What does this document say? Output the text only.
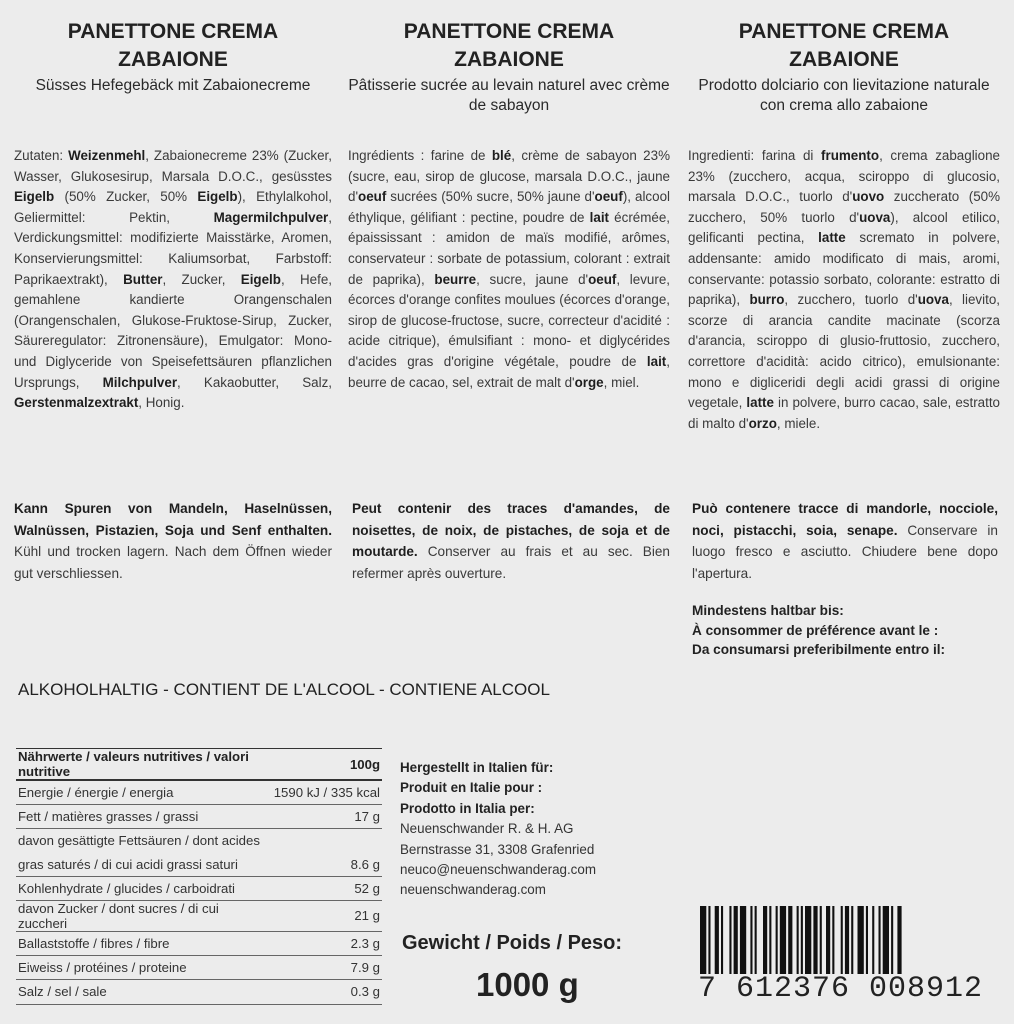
PANETTONE CREMA ZABAIONE
Süsses Hefegebäck mit Zabaionecreme
PANETTONE CREMA ZABAIONE
Pâtisserie sucrée au levain naturel avec crème de sabayon
PANETTONE CREMA ZABAIONE
Prodotto dolciario con lievitazione naturale con crema allo zabaione
Zutaten: Weizenmehl, Zabaionecreme 23% (Zucker, Wasser, Glukosesirup, Marsala D.O.C., gesüsstes Eigelb (50% Zucker, 50% Eigelb), Ethylalkohol, Geliermittel: Pektin, Magermilchpulver, Verdickungsmittel: modifizierte Maisstärke, Aromen, Konservierungsmittel: Kaliumsorbat, Farbstoff: Paprikaextrakt), Butter, Zucker, Eigelb, Hefe, gemahlene kandierte Orangenschalen (Orangenschalen, Glukose-Fruktose-Sirup, Zucker, Säureregulator: Zitronensäure), Emulgator: Mono- und Diglyceride von Speisefettsäuren pflanzlichen Ursprungs, Milchpulver, Kakaobutter, Salz, Gerstenmalzextrakt, Honig.
Ingrédients : farine de blé, crème de sabayon 23% (sucre, eau, sirop de glucose, marsala D.O.C., jaune d'oeuf sucrées (50% sucre, 50% jaune d'oeuf), alcool éthylique, gélifiant : pectine, poudre de lait écrémée, épaississant : amidon de maïs modifié, arômes, conservateur : sorbate de potassium, colorant : extrait de paprika), beurre, sucre, jaune d'oeuf, levure, écorces d'orange confites moulues (écorces d'orange, sirop de glucose-fructose, sucre, correcteur d'acidité : acide citrique), émulsifiant : mono- et diglycérides d'acides gras d'origine végétale, poudre de lait, beurre de cacao, sel, extrait de malt d'orge, miel.
Ingredienti: farina di frumento, crema zabaglione 23% (zucchero, acqua, sciroppo di glucosio, marsala D.O.C., tuorlo d'uovo zuccherato (50% zucchero, 50% tuorlo d'uova), alcool etilico, gelificanti pectina, latte scremato in polvere, addensante: amido modificato di mais, aromi, conservante: potassio sorbato, colorante: estratto di paprika), burro, zucchero, tuorlo d'uova, lievito, scorze di arancia candite macinate (scorza d'arancia, sciroppo di glusio-fruttosio, zucchero, correttore d'acidità: acido citrico), emulsionante: mono e digliceridi degli acidi grassi di origine vegetale, latte in polvere, burro cacao, sale, estratto di malto d'orzo, miele.
Kann Spuren von Mandeln, Haselnüssen, Walnüssen, Pistazien, Soja und Senf enthalten. Kühl und trocken lagern. Nach dem Öffnen wieder gut verschliessen.
Peut contenir des traces d'amandes, de noisettes, de noix, de pistaches, de soja et de moutarde. Conserver au frais et au sec. Bien refermer après ouverture.
Può contenere tracce di mandorle, nocciole, noci, pistacchi, soia, senape. Conservare in luogo fresco e asciutto. Chiudere bene dopo l'apertura.
Mindestens haltbar bis:
À consommer de préférence avant le :
Da consumarsi preferibilmente entro il:
ALKOHOLHALTIG - CONTIENT DE L'ALCOOL - CONTIENE ALCOOL
Nährwerte / valeurs nutritives / valori nutritive	100g
Energie / énergie / energia	1590 kJ / 335 kcal
Fett / matières grasses / grassi	17 g
davon gesättigte Fettsäuren / dont acides	
gras saturés / di cui acidi grassi saturi	8.6 g
Kohlenhydrate / glucides / carboidrati	52 g
davon Zucker / dont sucres / di cui zuccheri	21 g
Ballaststoffe / fibres / fibre	2.3 g
Eiweiss / protéines / proteine	7.9 g
Salz / sel / sale	0.3 g
Hergestellt in Italien für:
Produit en Italie pour :
Prodotto in Italia per:
Neuenschwander R. & H. AG
Bernstrasse 31, 3308 Grafenried
neuco@neuenschwanderag.com
neuenschwanderag.com
Gewicht / Poids / Peso:
1000 g	7 612376 008912
